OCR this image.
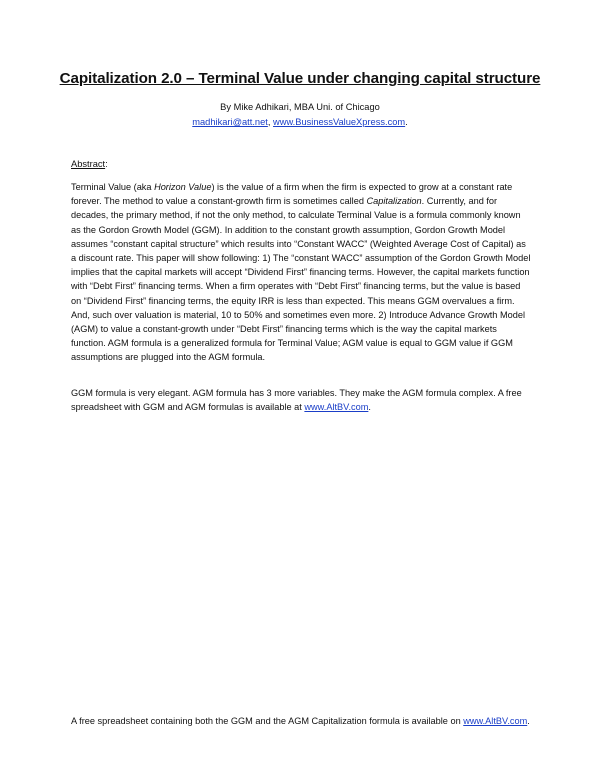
Capitalization 2.0 – Terminal Value under changing capital structure
By Mike Adhikari, MBA Uni. of Chicago
madhikari@att.net, www.BusinessValueXpress.com.
Abstract:

Terminal Value (aka Horizon Value) is the value of a firm when the firm is expected to grow at a constant rate forever. The method to value a constant-growth firm is sometimes called Capitalization. Currently, and for decades, the primary method, if not the only method, to calculate Terminal Value is a formula commonly known as the Gordon Growth Model (GGM). In addition to the constant growth assumption, Gordon Growth Model assumes “constant capital structure” which results into “Constant WACC” (Weighted Average Cost of Capital) as a discount rate. This paper will show following: 1) The “constant WACC” assumption of the Gordon Growth Model implies that the capital markets will accept “Dividend First” financing terms. However, the capital markets function with “Debt First” financing terms. When a firm operates with “Debt First” financing terms, but the value is based on “Dividend First” financing terms, the equity IRR is less than expected. This means GGM overvalues a firm. And, such over valuation is material, 10 to 50% and sometimes even more. 2) Introduce Advance Growth Model (AGM) to value a constant-growth under “Debt First” financing terms which is the way the capital markets function. AGM formula is a generalized formula for Terminal Value; AGM value is equal to GGM value if GGM assumptions are plugged into the AGM formula.

GGM formula is very elegant. AGM formula has 3 more variables. They make the AGM formula complex. A free spreadsheet with GGM and AGM formulas is available at www.AltBV.com.

A free spreadsheet containing both the GGM and the AGM Capitalization formula is available on www.AltBV.com.
